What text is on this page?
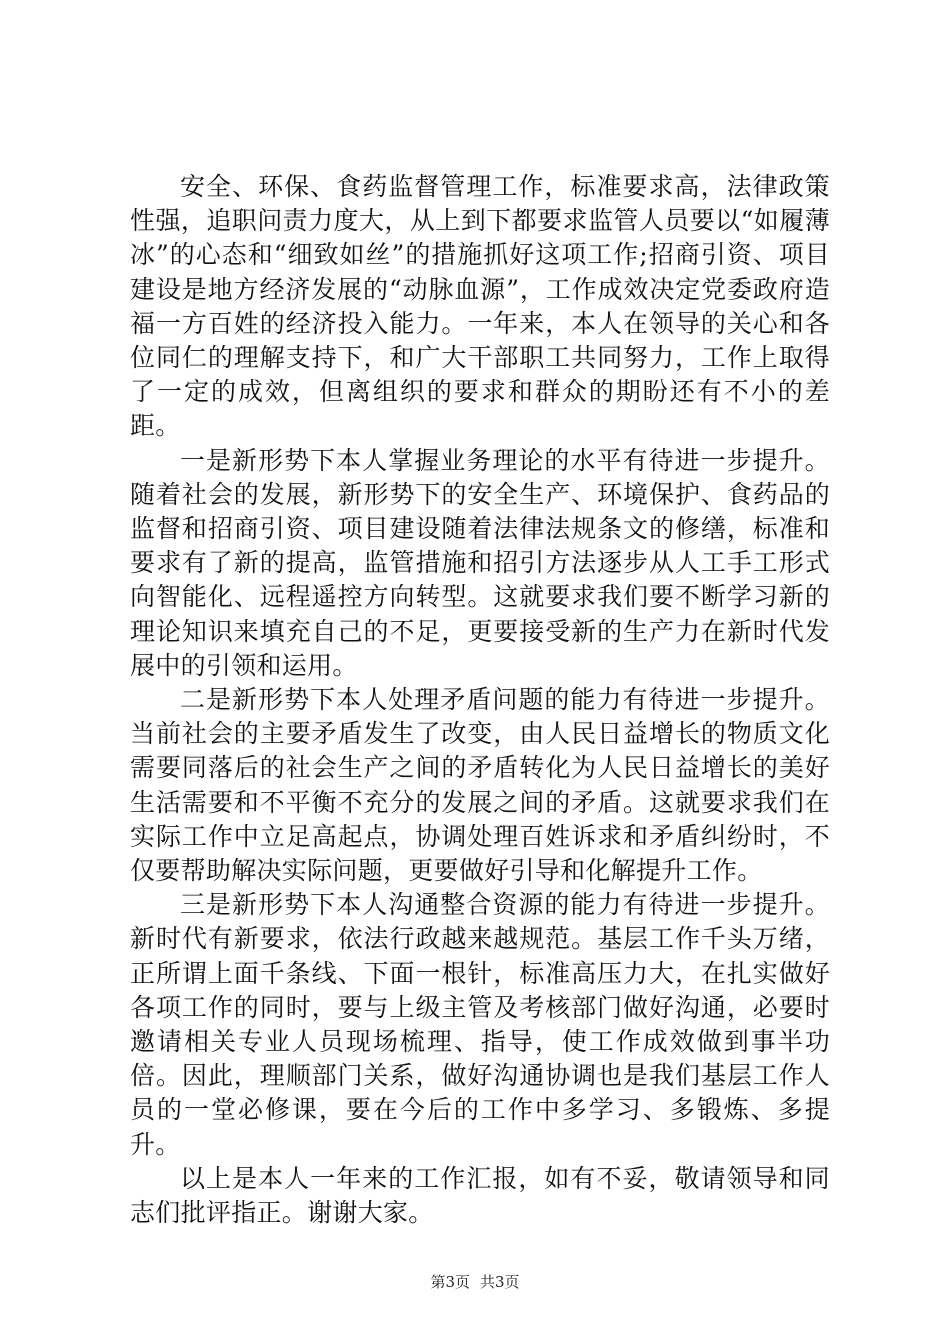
安全、环保、食药监督管理工作，标准要求高，法律政策性强，追职问责力度大，从上到下都要求监管人员要以“如履薄冰”的心态和“细致如丝”的措施抓好这项工作;招商引资、项目建设是地方经济发展的“动脉血源”，工作成效决定党委政府造福一方百姓的经济投入能力。一年来，本人在领导的关心和各位同仁的理解支持下，和广大干部职工共同努力，工作上取得了一定的成效，但离组织的要求和群众的期盼还有不小的差距。

一是新形势下本人掌握业务理论的水平有待进一步提升。随着社会的发展，新形势下的安全生产、环境保护、食药品的监督和招商引资、项目建设随着法律法规条文的修缮，标准和要求有了新的提高，监管措施和招引方法逐步从人工手工形式向智能化、远程遥控方向转型。这就要求我们要不断学习新的理论知识来填充自己的不足，更要接受新的生产力在新时代发展中的引领和运用。

二是新形势下本人处理矛盾问题的能力有待进一步提升。当前社会的主要矛盾发生了改变，由人民日益增长的物质文化需要同落后的社会生产之间的矛盾转化为人民日益增长的美好生活需要和不平衡不充分的发展之间的矛盾。这就要求我们在实际工作中立足高起点，协调处理百姓诉求和矛盾纠纷时，不仅要帮助解决实际问题，更要做好引导和化解提升工作。

三是新形势下本人沟通整合资源的能力有待进一步提升。新时代有新要求，依法行政越来越规范。基层工作千头万绪，正所谓上面千条线、下面一根针，标准高压力大，在扎实做好各项工作的同时，要与上级主管及考核部门做好沟通，必要时邀请相关专业人员现场梳理、指导，使工作成效做到事半功倍。因此，理顺部门关系，做好沟通协调也是我们基层工作人员的一堂必修课，要在今后的工作中多学习、多锻炼、多提升。

以上是本人一年来的工作汇报，如有不妥，敬请领导和同志们批评指正。谢谢大家。

第3页 共3页
